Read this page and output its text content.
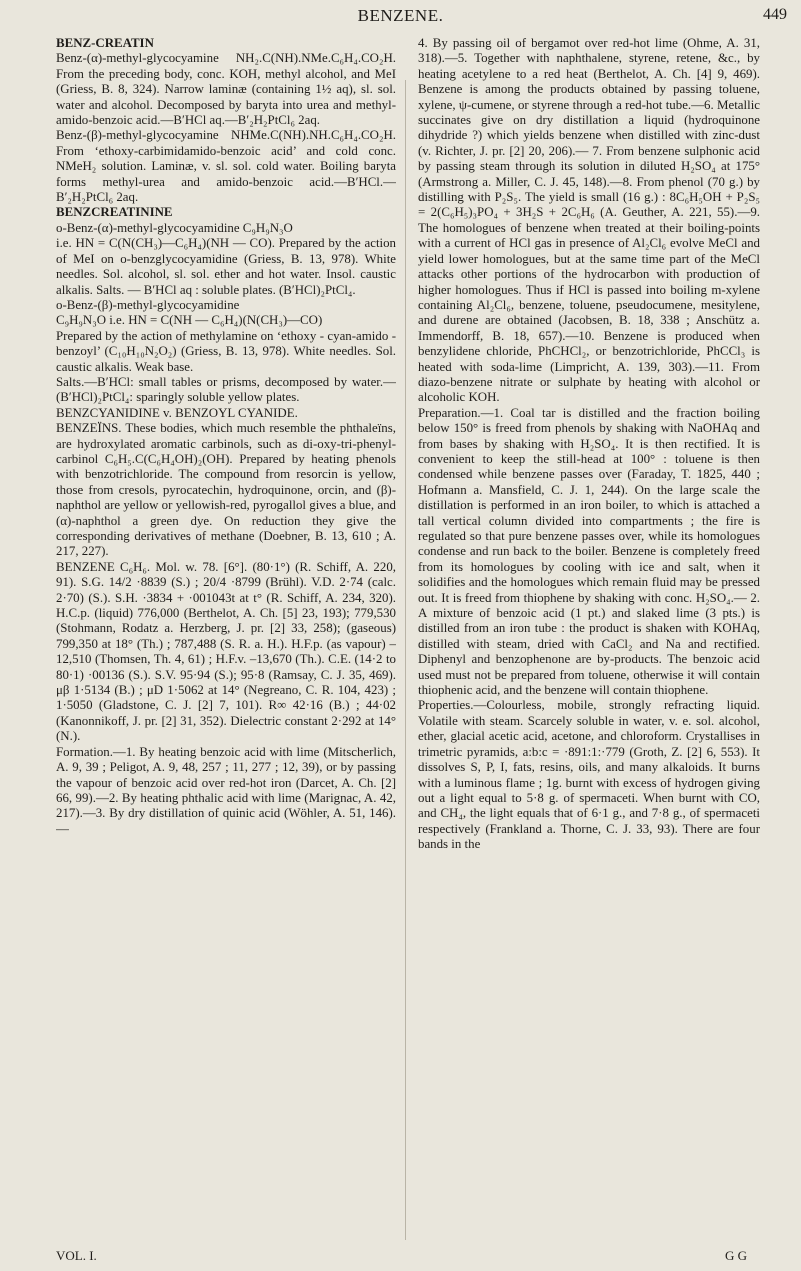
BENZENE.	449

BENZ-CREATIN

Benz-(α)-methyl-glycocyamine NH₂.C(NH).NMe.C₆H₄.CO₂H. From the preceding body, conc. KOH, methyl alcohol, and MeI (Griess, B. 8, 324). Narrow laminæ (containing 1½ aq), sl. sol. water and alcohol. Decomposed by baryta into urea and methyl-amido-benzoic acid.—B′HCl aq.—B′₂H₂PtCl₆ 2aq.

Benz-(β)-methyl-glycocyamine NHMe.C(NH).NH.C₆H₄.CO₂H. From ‘ethoxy-carbimidamido-benzoic acid’ and cold conc. NMeH₂ solution. Laminæ, v. sl. sol. cold water. Boiling baryta forms methyl-urea and amido-benzoic acid.—B′HCl.—B′₂H₂PtCl₆ 2aq.

BENZCREATININE

o-Benz-(α)-methyl-glycocyamidine C₉H₉N₃O

i.e. HN = C(N(CH₃)—C₆H₄)(NH — CO). Prepared by the action of MeI on o-benzglycocyamidine (Griess, B. 13, 978). White needles. Sol. alcohol, sl. sol. ether and hot water. Insol. caustic alkalis. Salts. — B′HCl aq : soluble plates. (B′HCl)₂PtCl₄.

o-Benz-(β)-methyl-glycocyamidine

C₉H₉N₃O i.e. HN = C(NH — C₆H₄)(N(CH₃)—CO)

Prepared by the action of methylamine on ‘ethoxy - cyan-amido - benzoyl’ (C₁₀H₁₀N₂O₂) (Griess, B. 13, 978). White needles. Sol. caustic alkalis. Weak base.

Salts.—B′HCl: small tables or prisms, decomposed by water.—(B′HCl)₂PtCl₄: sparingly soluble yellow plates.

BENZCYANIDINE v. BENZOYL CYANIDE.

BENZEÏNS. These bodies, which much resemble the phthaleïns, are hydroxylated aromatic carbinols, such as di-oxy-tri-phenyl-carbinol C₆H₅.C(C₆H₄OH)₂(OH). Prepared by heating phenols with benzotrichloride. The compound from resorcin is yellow, those from cresols, pyrocatechin, hydroquinone, orcin, and (β)-naphthol are yellow or yellowish-red, pyrogallol gives a blue, and (α)-naphthol a green dye. On reduction they give the corresponding derivatives of methane (Doebner, B. 13, 610 ; A. 217, 227).

BENZENE C₆H₆. Mol. w. 78. [6°]. (80·1°) (R. Schiff, A. 220, 91). S.G. 14/2 ·8839 (S.) ; 20/4 ·8799 (Brühl). V.D. 2·74 (calc. 2·70) (S.). S.H. ·3834 + ·001043t at t° (R. Schiff, A. 234, 320). H.C.p. (liquid) 776,000 (Berthelot, A. Ch. [5] 23, 193); 779,530 (Stohmann, Rodatz a. Herzberg, J. pr. [2] 33, 258); (gaseous) 799,350 at 18° (Th.) ; 787,488 (S. R. a. H.). H.F.p. (as vapour) –12,510 (Thomsen, Th. 4, 61) ; H.F.v. –13,670 (Th.). C.E. (14·2 to 80·1) ·00136 (S.). S.V. 95·94 (S.); 95·8 (Ramsay, C. J. 35, 469). μβ 1·5134 (B.) ; μD 1·5062 at 14° (Negreano, C. R. 104, 423) ; 1·5050 (Gladstone, C. J. [2] 7, 101). R∞ 42·16 (B.) ; 44·02 (Kanonnikoff, J. pr. [2] 31, 352). Dielectric constant 2·292 at 14° (N.).

Formation.—1. By heating benzoic acid with lime (Mitscherlich, A. 9, 39 ; Peligot, A. 9, 48, 257 ; 11, 277 ; 12, 39), or by passing the vapour of benzoic acid over red-hot iron (Darcet, A. Ch. [2] 66, 99).—2. By heating phthalic acid with lime (Marignac, A. 42, 217).—3. By dry distillation of quinic acid (Wöhler, A. 51, 146).—

4. By passing oil of bergamot over red-hot lime (Ohme, A. 31, 318).—5. Together with naphthalene, styrene, retene, &c., by heating acetylene to a red heat (Berthelot, A. Ch. [4] 9, 469). Benzene is among the products obtained by passing toluene, xylene, ψ-cumene, or styrene through a red-hot tube.—6. Metallic succinates give on dry distillation a liquid (hydroquinone dihydride ?) which yields benzene when distilled with zinc-dust (v. Richter, J. pr. [2] 20, 206).— 7. From benzene sulphonic acid by passing steam through its solution in diluted H₂SO₄ at 175° (Armstrong a. Miller, C. J. 45, 148).—8. From phenol (70 g.) by distilling with P₂S₅. The yield is small (16 g.) : 8C₆H₅OH + P₂S₅ = 2(C₆H₅)₃PO₄ + 3H₂S + 2C₆H₆ (A. Geuther, A. 221, 55).—9. The homologues of benzene when treated at their boiling-points with a current of HCl gas in presence of Al₂Cl₆ evolve MeCl and yield lower homologues, but at the same time part of the MeCl attacks other portions of the hydrocarbon with production of higher homologues. Thus if HCl is passed into boiling m-xylene containing Al₂Cl₆, benzene, toluene, pseudocumene, mesitylene, and durene are obtained (Jacobsen, B. 18, 338 ; Anschütz a. Immendorff, B. 18, 657).—10. Benzene is produced when benzylidene chloride, PhCHCl₂, or benzotrichloride, PhCCl₃ is heated with soda-lime (Limpricht, A. 139, 303).—11. From diazo-benzene nitrate or sulphate by heating with alcohol or alcoholic KOH.

Preparation.—1. Coal tar is distilled and the fraction boiling below 150° is freed from phenols by shaking with NaOHAq and from bases by shaking with H₂SO₄. It is then rectified. It is convenient to keep the still-head at 100° : toluene is then condensed while benzene passes over (Faraday, T. 1825, 440 ; Hofmann a. Mansfield, C. J. 1, 244). On the large scale the distillation is performed in an iron boiler, to which is attached a tall vertical column divided into compartments ; the fire is regulated so that pure benzene passes over, while its homologues condense and run back to the boiler. Benzene is completely freed from its homologues by cooling with ice and salt, when it solidifies and the homologues which remain fluid may be pressed out. It is freed from thiophene by shaking with conc. H₂SO₄.— 2. A mixture of benzoic acid (1 pt.) and slaked lime (3 pts.) is distilled from an iron tube : the product is shaken with KOHAq, distilled with steam, dried with CaCl₂ and Na and rectified. Diphenyl and benzophenone are by-products. The benzoic acid used must not be prepared from toluene, otherwise it will contain thiophenic acid, and the benzene will contain thiophene.

Properties.—Colourless, mobile, strongly refracting liquid. Volatile with steam. Scarcely soluble in water, v. e. sol. alcohol, ether, glacial acetic acid, acetone, and chloroform. Crystallises in trimetric pyramids, a:b:c = ·891:1:·779 (Groth, Z. [2] 6, 553). It dissolves S, P, I, fats, resins, oils, and many alkaloids. It burns with a luminous flame ; 1g. burnt with excess of hydrogen giving out a light equal to 5·8 g. of spermaceti. When burnt with CO, and CH₄, the light equals that of 6·1 g., and 7·8 g., of spermaceti respectively (Frankland a. Thorne, C. J. 33, 93). There are four bands in the

VOL. I.	G G
